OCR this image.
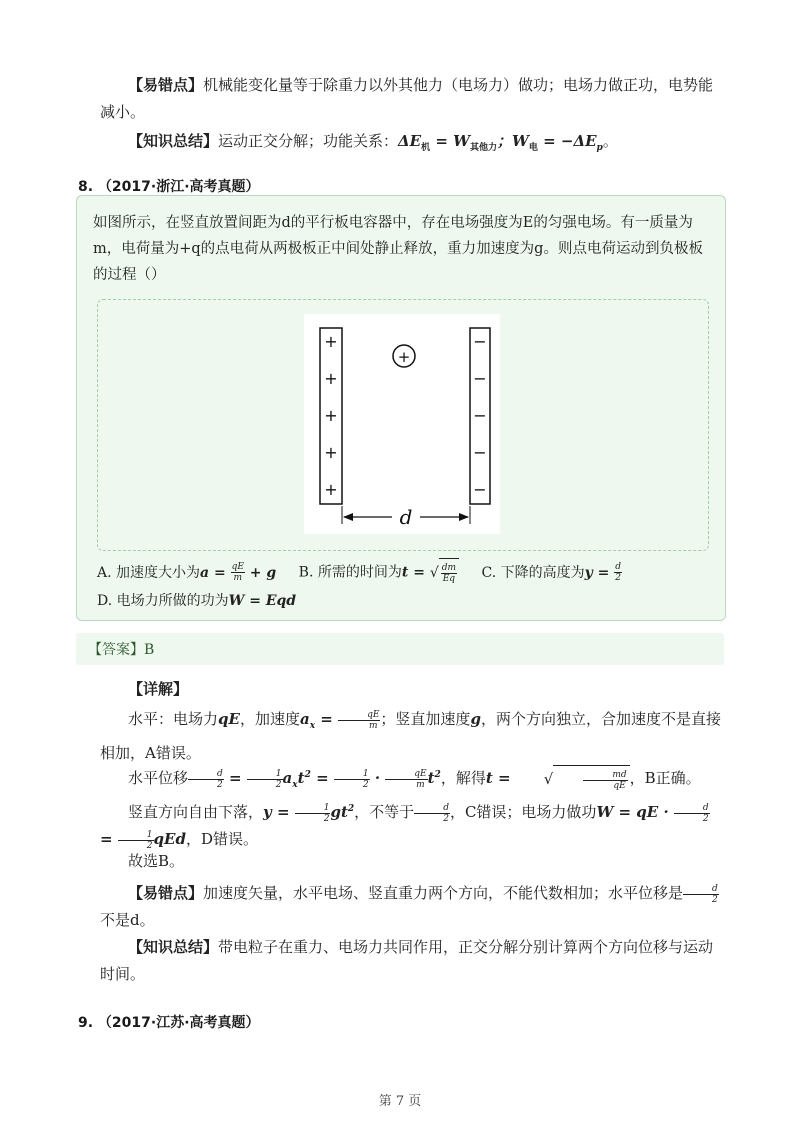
【易错点】机械能变化量等于除重力以外其他力（电场力）做功；电场力做正功，电势能减小。
【知识总结】运动正交分解；功能关系：$\Delta E_机 = W_{其他力}$；$W_电 = -\Delta E_p$。
8. （2017·浙江·高考真题）
如图所示，在竖直放置间距为d的平行板电容器中，存在电场强度为E的匀强电场。有一质量为m，电荷量为+q的点电荷从两极板正中间处静止释放，重力加速度为g。则点电荷运动到负极板的过程（）
+
+
+
+
+
−
−
−
−
−
+
d
A. 加速度大小为$a = \frac{qE}{m} + g$ B. 所需的时间为t = √ $\frac{dm}{Eq} C$. 下降的高度为$y = \frac{d}{2}$

D. 电场力所做的功为W = Eqd
【答案】B
【详解】
水平：电场力qE，加速度$a_x = \frac{qE}{m}$ ；竖直加速度g，两个方向独立，合加速度不是直接相加，A错误。
水平位移 $\frac{d}{2} = \frac{1}{2} a_xt^2 = \frac{1}{2} \cdot \frac{qE}{m} t^2$，解得t = √	$\frac{md}{qE}$ ，B正确。
竖直方向自由下落，$y = \frac{1}{2} gt^2$，不等于 $\frac{d}{2}$ ，C错误；电场力做功W = qE · $\frac{d}{2}$
= $\frac{1}{2}$ qEd，D错误。
故选B。
【易错点】加速度矢量，水平电场、竖直重力两个方向，不能代数相加；水平位移是 $\frac{d}{2}$
不是d。
【知识总结】带电粒子在重力、电场力共同作用，正交分解分别计算两个方向位移与运动时间。
9. （2017·江苏·高考真题）
第 7 页
